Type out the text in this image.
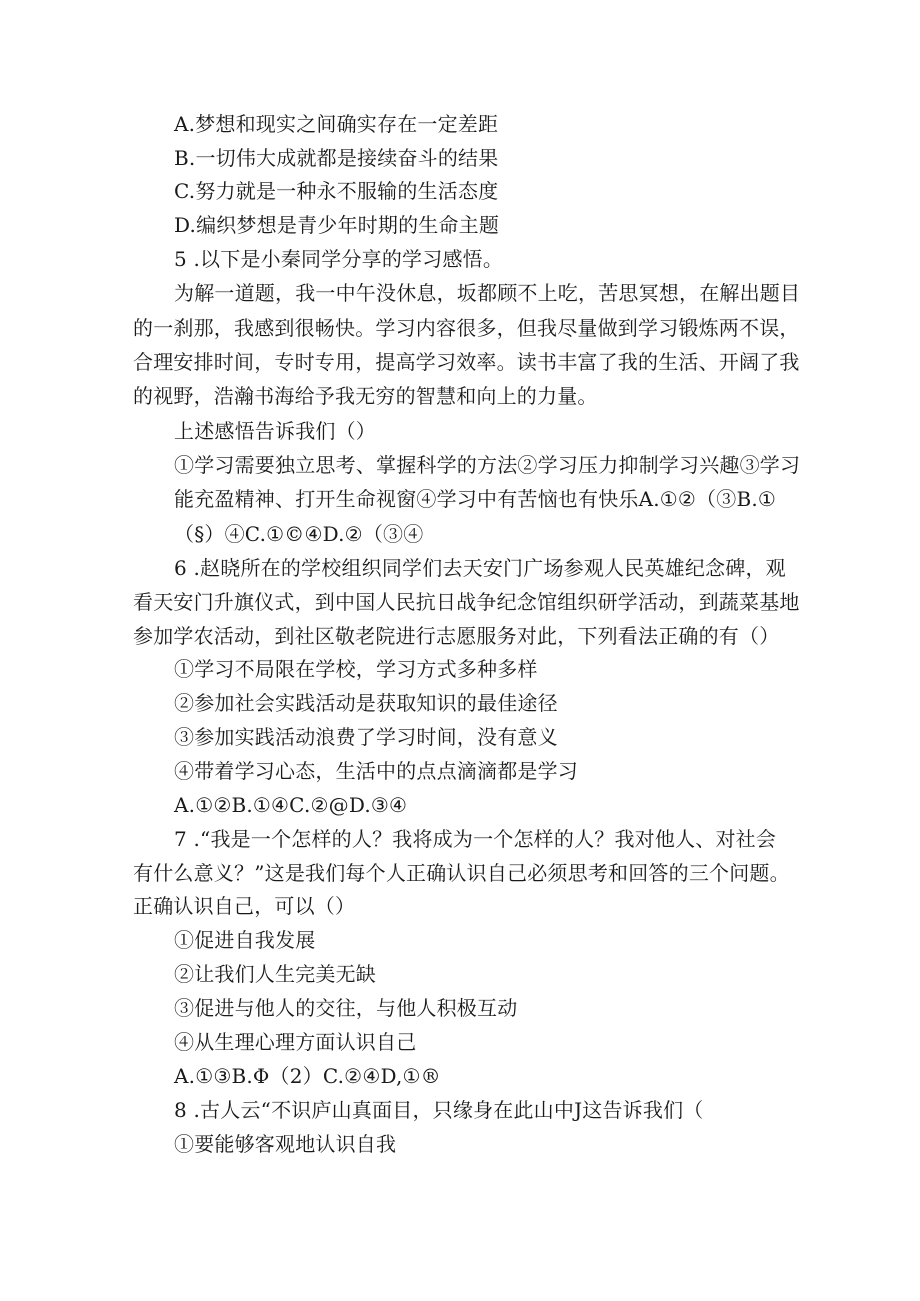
A.梦想和现实之间确实存在一定差距
B.一切伟大成就都是接续奋斗的结果
C.努力就是一种永不服输的生活态度
D.编织梦想是青少年时期的生命主题
5 .以下是小秦同学分享的学习感悟。
为解一道题，我一中午没休息，坂都顾不上吃，苦思冥想，在解出题目
的一刹那，我感到很畅快。学习内容很多，但我尽量做到学习锻炼两不误，
合理安排时间，专时专用，提高学习效率。读书丰富了我的生活、开阔了我
的视野，浩瀚书海给予我无穷的智慧和向上的力量。
上述感悟告诉我们（）
①学习需要独立思考、掌握科学的方法②学习压力抑制学习兴趣③学习
能充盈精神、打开生命视窗④学习中有苦恼也有快乐A.①②（③B.①
（§）④C.①©④D.②（③④
6 .赵晓所在的学校组织同学们去天安门广场参观人民英雄纪念碑，观
看天安门升旗仪式，到中国人民抗日战争纪念馆组织研学活动，到蔬菜基地
参加学农活动，到社区敬老院进行志愿服务对此，下列看法正确的有（）
①学习不局限在学校，学习方式多种多样
②参加社会实践活动是获取知识的最佳途径
③参加实践活动浪费了学习时间，没有意义
④带着学习心态，生活中的点点滴滴都是学习
A.①②B.①④C.②@D.③④
7 .“我是一个怎样的人？我将成为一个怎样的人？我对他人、对社会
有什么意义？”这是我们每个人正确认识自己必须思考和回答的三个问题。
正确认识自己，可以（）
①促进自我发展
②让我们人生完美无缺
③促进与他人的交往，与他人积极互动
④从生理心理方面认识自己
A.①③B.Φ（2）C.②④D,①®
8 .古人云“不识庐山真面目，只缘身在此山中J这告诉我们（
①要能够客观地认识自我
